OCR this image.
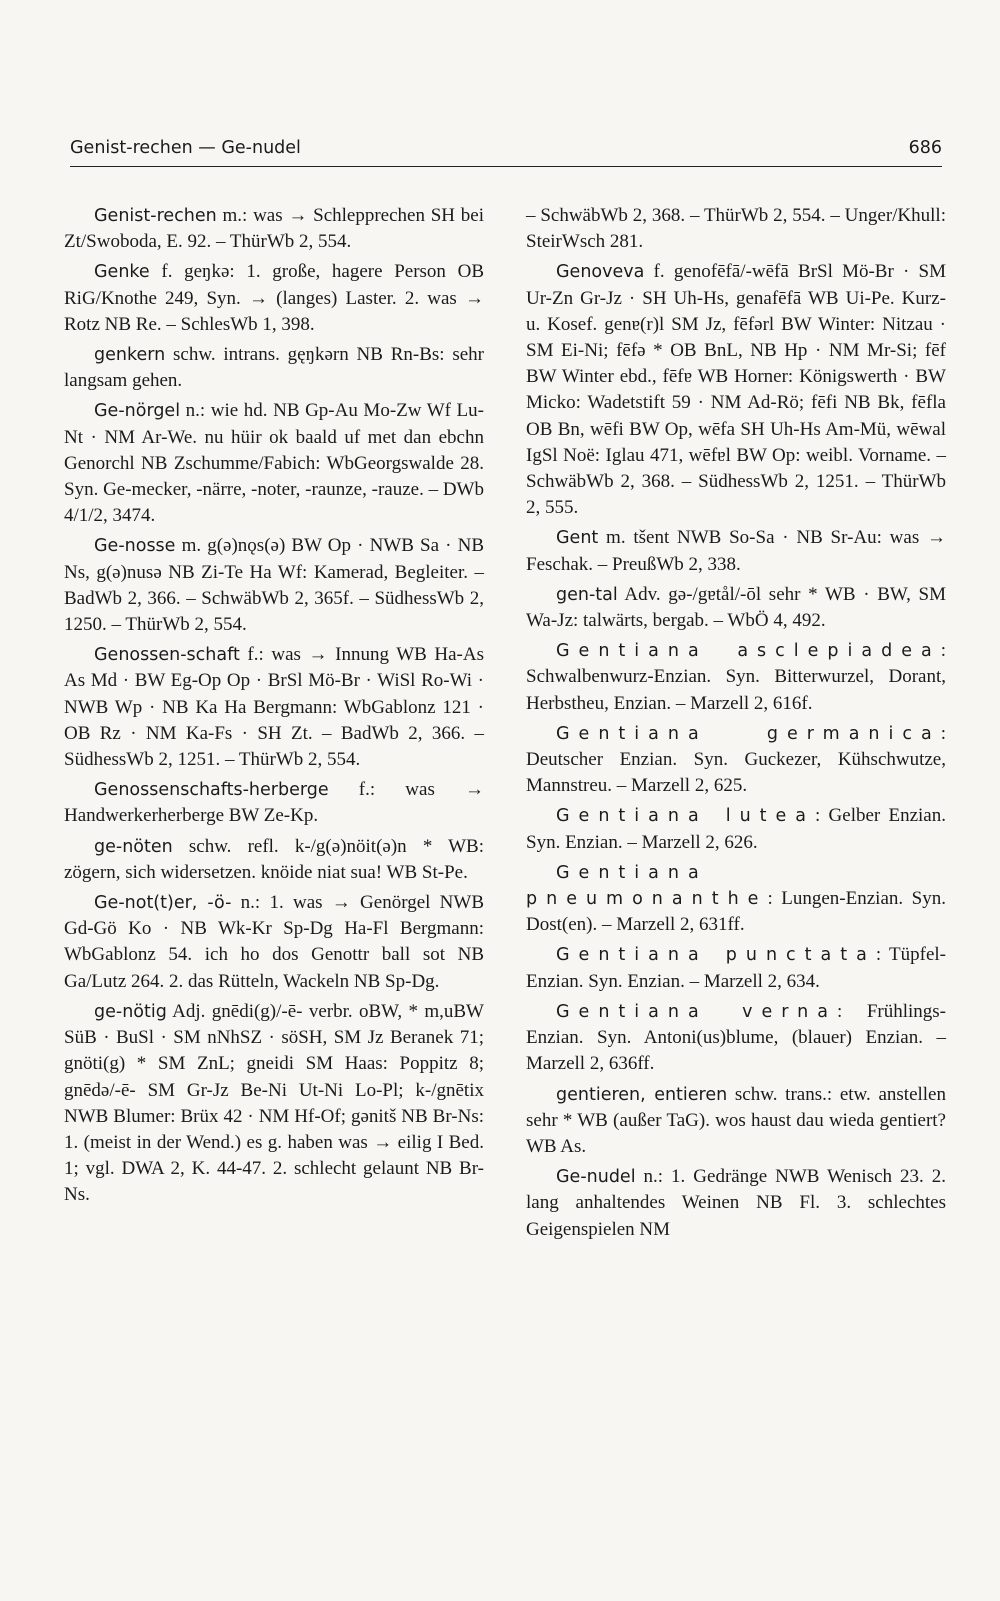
Genist-rechen — Ge-nudel	686

Genist-rechen m.: was → Schlepprechen SH bei Zt/Swoboda, E. 92. – ThürWb 2, 554.

Genke f. geŋkə: 1. große, hagere Person OB RiG/Knothe 249, Syn. → (langes) Laster. 2. was → Rotz NB Re. – SchlesWb 1, 398.

genkern schw. intrans. gęŋkərn NB Rn-Bs: sehr langsam gehen.

Ge-nörgel n.: wie hd. NB Gp-Au Mo-Zw Wf Lu-Nt · NM Ar-We. nu hüir ok baald uf met dan ebchn Genorchl NB Zschumme/Fabich: WbGeorgswalde 28. Syn. Ge-mecker, -närre, -noter, -raunze, -rauze. – DWb 4/1/2, 3474.

Ge-nosse m. g(ə)nǫs(ə) BW Op · NWB Sa · NB Ns, g(ə)nusə NB Zi-Te Ha Wf: Kamerad, Begleiter. – BadWb 2, 366. – SchwäbWb 2, 365f. – SüdhessWb 2, 1250. – ThürWb 2, 554.

Genossen-schaft f.: was → Innung WB Ha-As As Md · BW Eg-Op Op · BrSl Mö-Br · WiSl Ro-Wi · NWB Wp · NB Ka Ha Bergmann: WbGablonz 121 · OB Rz · NM Ka-Fs · SH Zt. – BadWb 2, 366. – SüdhessWb 2, 1251. – ThürWb 2, 554.

Genossenschafts-herberge f.: was → Handwerkerherberge BW Ze-Kp.

ge-nöten schw. refl. k-/g(ə)nöit(ə)n * WB: zögern, sich widersetzen. knöide niat sua! WB St-Pe.

Ge-not(t)er, -ö- n.: 1. was → Genörgel NWB Gd-Gö Ko · NB Wk-Kr Sp-Dg Ha-Fl Bergmann: WbGablonz 54. ich ho dos Genottr ball sot NB Ga/Lutz 264. 2. das Rütteln, Wackeln NB Sp-Dg.

ge-nötig Adj. gnēdi(g)/-ē- verbr. oBW, * m,uBW SüB · BuSl · SM nNhSZ · söSH, SM Jz Beranek 71; gnöti(g) * SM ZnL; gneidi SM Haas: Poppitz 8; gnēdə/-ē- SM Gr-Jz Be-Ni Ut-Ni Lo-Pl; k-/gnētix NWB Blumer: Brüx 42 · NM Hf-Of; gənitš NB Br-Ns: 1. (meist in der Wend.) es g. haben was → eilig I Bed. 1; vgl. DWA 2, K. 44-47. 2. schlecht gelaunt NB Br-Ns.

– SchwäbWb 2, 368. – ThürWb 2, 554. – Unger/Khull: SteirWsch 281.

Genoveva f. genofēfā/-wēfā BrSl Mö-Br · SM Ur-Zn Gr-Jz · SH Uh-Hs, genafēfā WB Ui-Pe. Kurz- u. Kosef. genɐ(r)l SM Jz, fēfərl BW Winter: Nitzau · SM Ei-Ni; fēfə * OB BnL, NB Hp · NM Mr-Si; fēf BW Winter ebd., fēfɐ WB Horner: Königswerth · BW Micko: Wadetstift 59 · NM Ad-Rö; fēfi NB Bk, fēfla OB Bn, wēfi BW Op, wēfa SH Uh-Hs Am-Mü, wēwal IgSl Noë: Iglau 471, wēfɐl BW Op: weibl. Vorname. – SchwäbWb 2, 368. – SüdhessWb 2, 1251. – ThürWb 2, 555.

Gent m. tšent NWB So-Sa · NB Sr-Au: was → Feschak. – PreußWb 2, 338.

gen-tal Adv. gə-/gɐtål/-ōl sehr * WB · BW, SM Wa-Jz: talwärts, bergab. – WbÖ 4, 492.

Gentiana asclepiadea: Schwalbenwurz-Enzian. Syn. Bitterwurzel, Dorant, Herbstheu, Enzian. – Marzell 2, 616f.

Gentiana germanica: Deutscher Enzian. Syn. Guckezer, Kühschwutze, Mannstreu. – Marzell 2, 625.

Gentiana lutea: Gelber Enzian. Syn. Enzian. – Marzell 2, 626.

Gentiana pneumonanthe: Lungen-Enzian. Syn. Dost(en). – Marzell 2, 631ff.

Gentiana punctata: Tüpfel-Enzian. Syn. Enzian. – Marzell 2, 634.

Gentiana verna: Frühlings-Enzian. Syn. Antoni(us)blume, (blauer) Enzian. – Marzell 2, 636ff.

gentieren, entieren schw. trans.: etw. anstellen sehr * WB (außer TaG). wos haust dau wieda gentiert? WB As.

Ge-nudel n.: 1. Gedränge NWB Wenisch 23. 2. lang anhaltendes Weinen NB Fl. 3. schlechtes Geigenspielen NM
